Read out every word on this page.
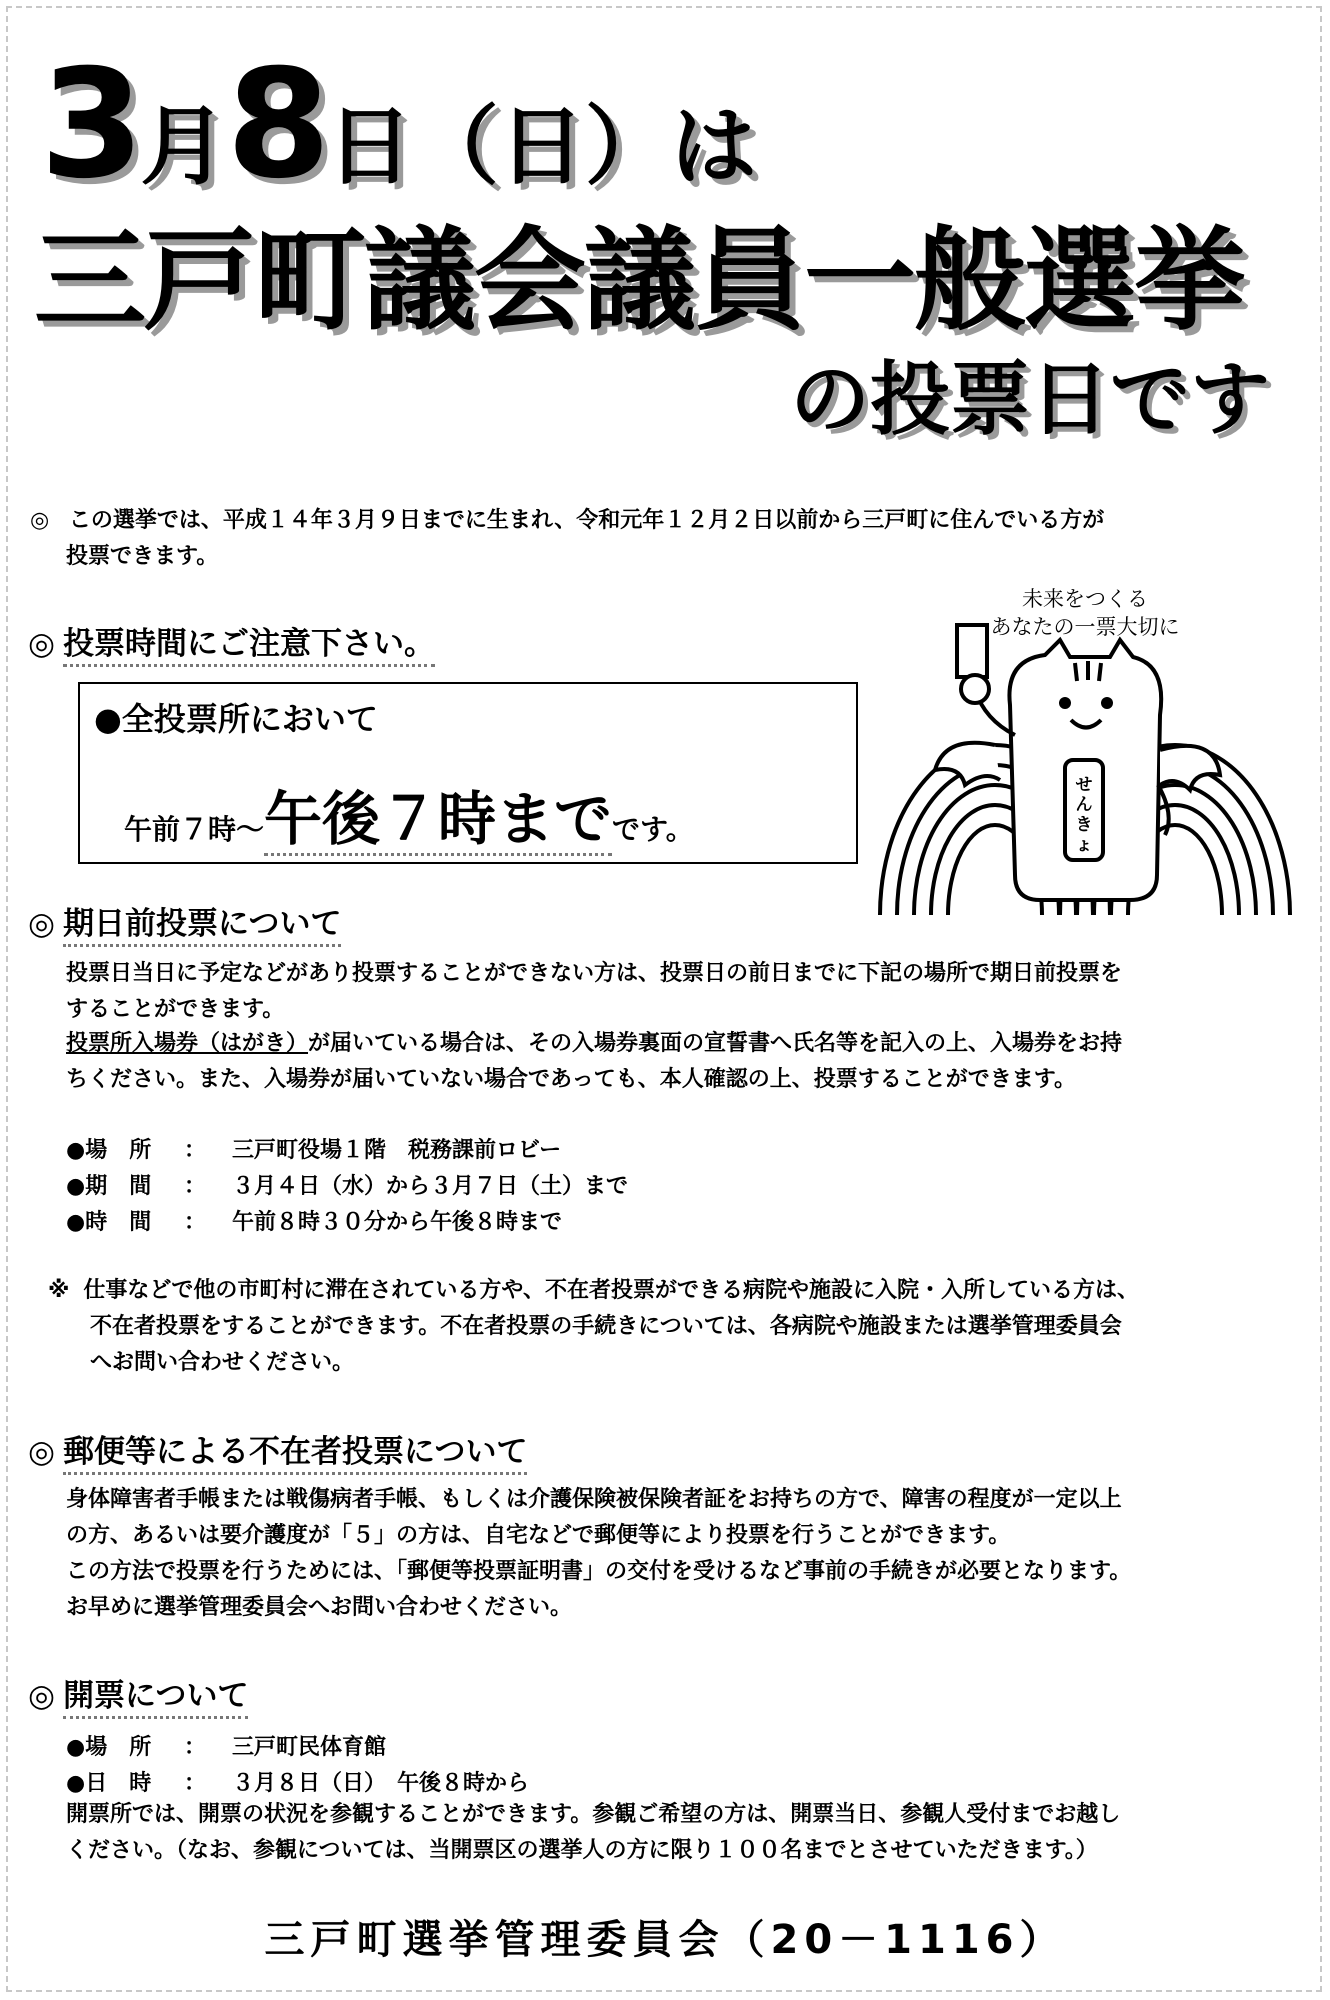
3月8日（日）は
三戸町議会議員一般選挙
の投票日です
◎ この選挙では、平成１４年３月９日までに生まれ、令和元年１２月２日以前から三戸町に住んでいる方が
投票できます。
◎ 投票時間にご注意下さい。
●全投票所において
午前７時～午後７時までです。
未来をつくる
あなたの一票大切に
せ
ん
き
ょ
◎ 期日前投票について
投票日当日に予定などがあり投票することができない方は、投票日の前日までに下記の場所で期日前投票を
することができます。
投票所入場券（はがき）が届いている場合は、その入場券裏面の宣誓書へ氏名等を記入の上、入場券をお持
ちください。また、入場券が届いていない場合であっても、本人確認の上、投票することができます。
●場　所 ： 三戸町役場１階　税務課前ロビー
●期　間 ： ３月４日（水）から３月７日（土）まで
●時　間 ： 午前８時３０分から午後８時まで
※ 仕事などで他の市町村に滞在されている方や、不在者投票ができる病院や施設に入院・入所している方は、
不在者投票をすることができます。不在者投票の手続きについては、各病院や施設または選挙管理委員会
へお問い合わせください。
◎ 郵便等による不在者投票について
身体障害者手帳または戦傷病者手帳、もしくは介護保険被保険者証をお持ちの方で、障害の程度が一定以上
の方、あるいは要介護度が「５」の方は、自宅などで郵便等により投票を行うことができます。
この方法で投票を行うためには、「郵便等投票証明書」の交付を受けるなど事前の手続きが必要となります。
お早めに選挙管理委員会へお問い合わせください。
◎ 開票について
●場　所 ： 三戸町民体育館
●日　時 ： ３月８日（日）　午後８時から
開票所では、開票の状況を参観することができます。参観ご希望の方は、開票当日、参観人受付までお越し
ください。（なお、参観については、当開票区の選挙人の方に限り１００名までとさせていただきます。）
三戸町選挙管理委員会（20－1116）
